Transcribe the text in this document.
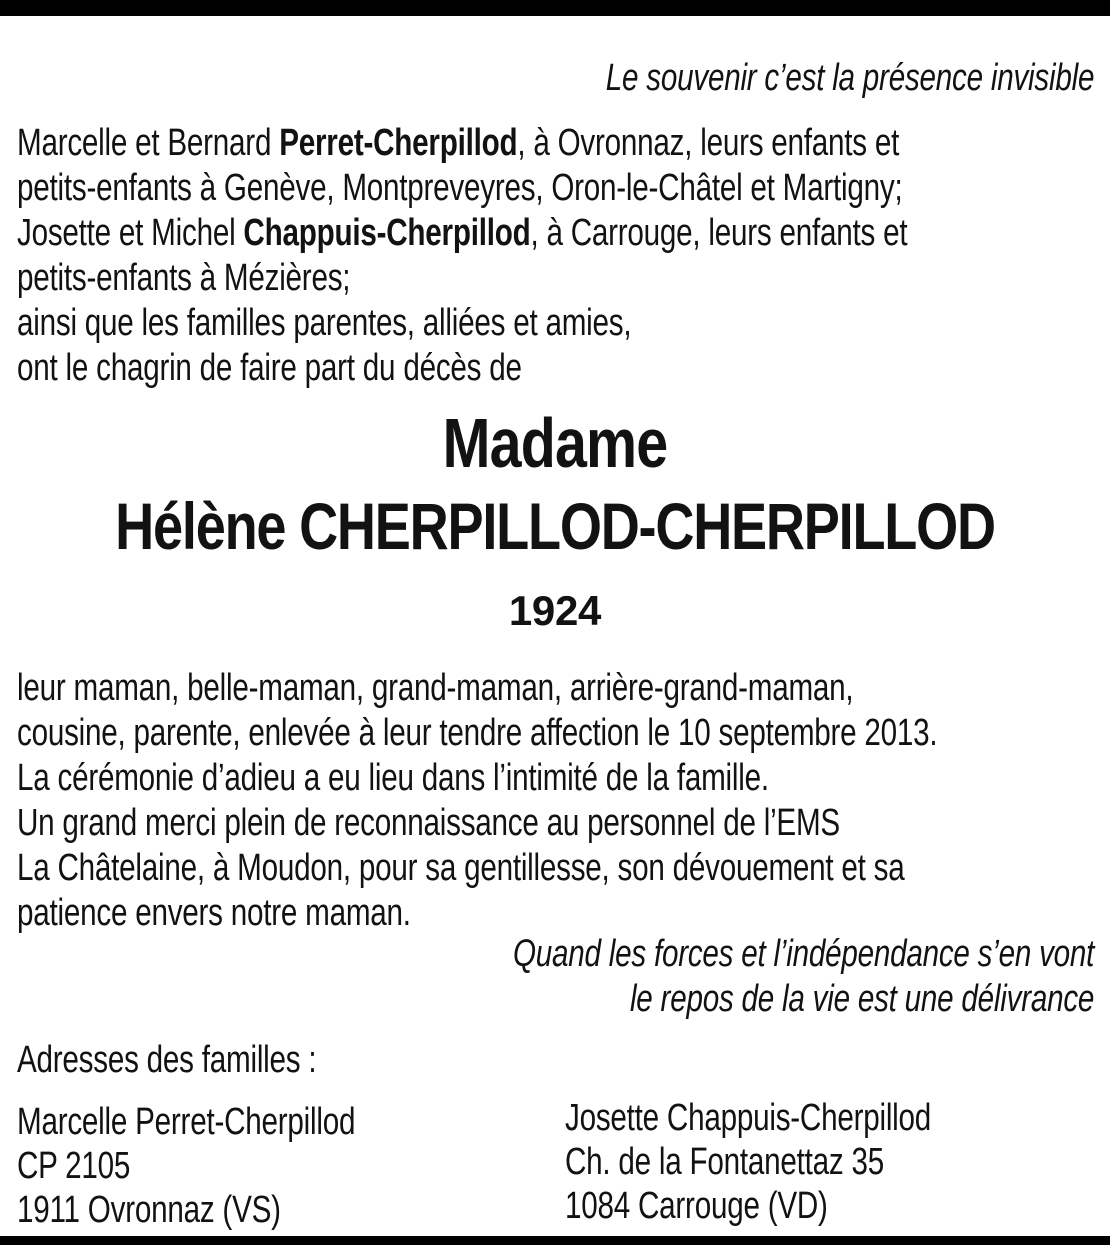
Le souvenir c’est la présence invisible
Marcelle et Bernard Perret-Cherpillod, à Ovronnaz, leurs enfants et
petits-enfants à Genève, Montpreveyres, Oron-le-Châtel et Martigny;
Josette et Michel Chappuis-Cherpillod, à Carrouge, leurs enfants et
petits-enfants à Mézières;
ainsi que les familles parentes, alliées et amies,
ont le chagrin de faire part du décès de
Madame
Hélène CHERPILLOD-CHERPILLOD
1924
leur maman, belle-maman, grand-maman, arrière-grand-maman,
cousine, parente, enlevée à leur tendre affection le 10 septembre 2013.
La cérémonie d’adieu a eu lieu dans l’intimité de la famille.
Un grand merci plein de reconnaissance au personnel de l’EMS
La Châtelaine, à Moudon, pour sa gentillesse, son dévouement et sa
patience envers notre maman.
Quand les forces et l’indépendance s’en vont
le repos de la vie est une délivrance
Adresses des familles :
Marcelle Perret-Cherpillod
CP 2105
1911 Ovronnaz (VS)
Josette Chappuis-Cherpillod
Ch. de la Fontanettaz 35
1084 Carrouge (VD)
